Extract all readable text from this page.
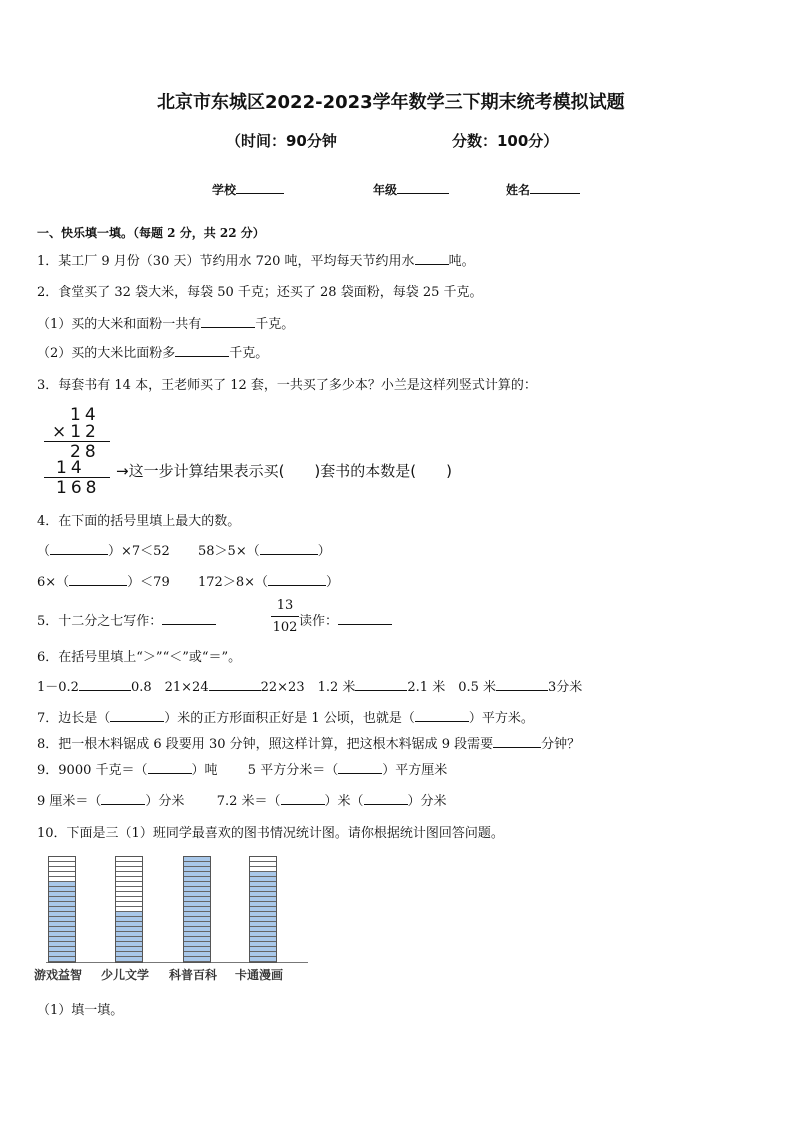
北京市东城区2022-2023学年数学三下期末统考模拟试题
（时间：90分钟	分数：100分）
学校	年级	姓名
一、快乐填一填。（每题 2 分，共 22 分）
1．某工厂 9 月份（30 天）节约用水 720 吨，平均每天节约用水	吨。
2．食堂买了 32 袋大米，每袋 50 千克；还买了 28 袋面粉，每袋 25 千克。
（1）买的大米和面粉一共有	千克。
（2）买的大米比面粉多	千克。
3．每套书有 14 本，王老师买了 12 套，一共买了多少本？小兰是这样列竖式计算的：
14
×12
28
14 →这一步计算结果表示买(　　)套书的本数是(　　)
168
4．在下面的括号里填上最大的数。
（	）×7＜52 58＞5×（	）
6×（	）＜79 172＞8×（	）
5．十二分之七写作：
13
102 读作：
6．在括号里填上“＞”“＜”或“＝”。
1－0.2	0.8　21×24	22×23　1.2 米	2.1 米　0.5 米	3分米
7．边长是（	）米的正方形面积正好是 1 公顷，也就是（	）平方米。
8．把一根木料锯成 6 段要用 30 分钟，照这样计算，把这根木料锯成 9 段需要	分钟？
9．9000 千克＝（	）吨 5 平方分米＝（	）平方厘米
9 厘米＝（	）分米 7.2 米＝（	）米（	）分米
10．下面是三（1）班同学最喜欢的图书情况统计图。请你根据统计图回答问题。
游戏益智 少儿文学 科普百科 卡通漫画
（1）填一填。
